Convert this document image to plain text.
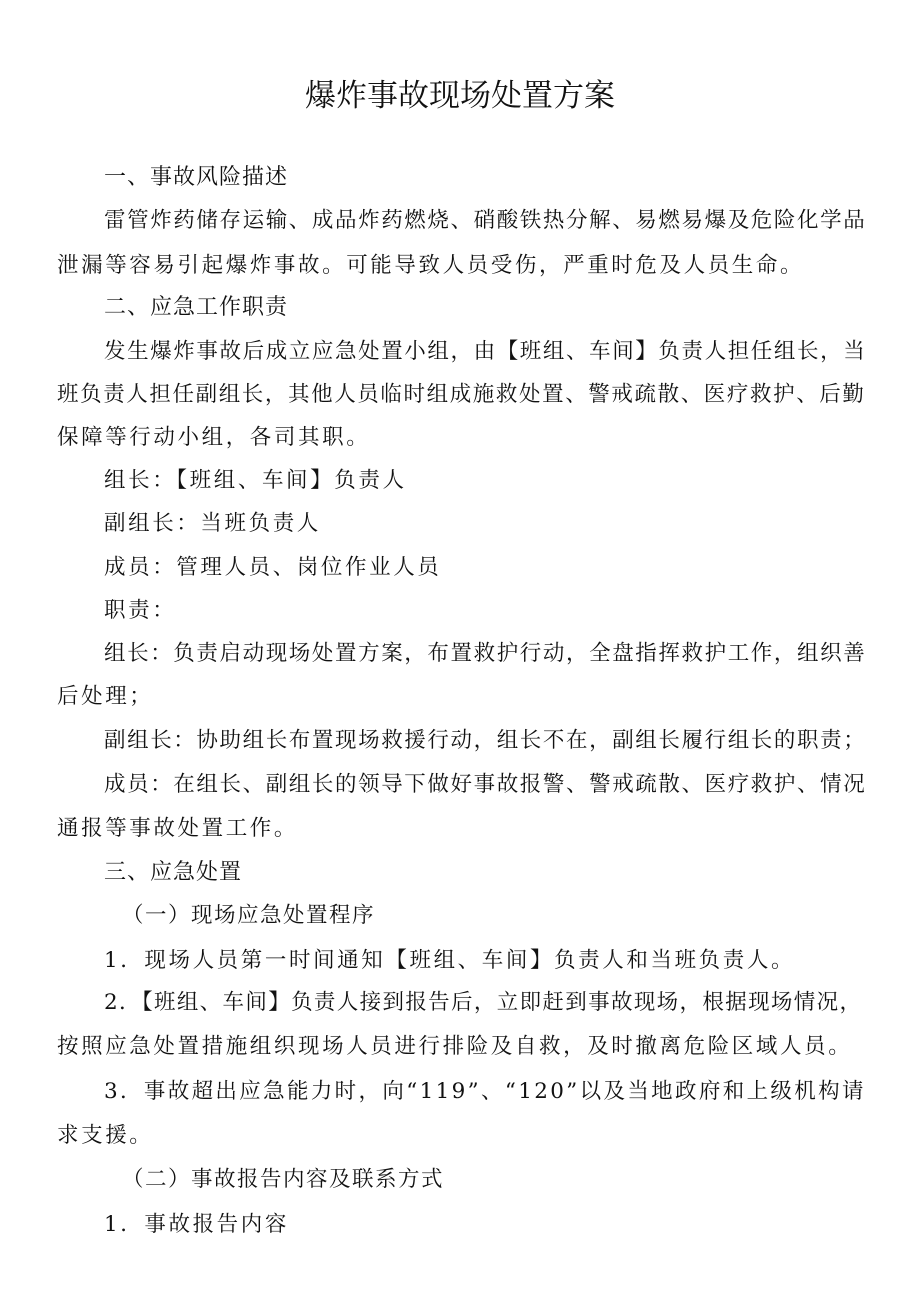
爆炸事故现场处置方案
一、事故风险描述
雷管炸药储存运输、成品炸药燃烧、硝酸铁热分解、易燃易爆及危险化学品
泄漏等容易引起爆炸事故。可能导致人员受伤，严重时危及人员生命。
二、应急工作职责
发生爆炸事故后成立应急处置小组，由【班组、车间】负责人担任组长，当
班负责人担任副组长，其他人员临时组成施救处置、警戒疏散、医疗救护、后勤
保障等行动小组，各司其职。
组长：【班组、车间】负责人
副组长：当班负责人
成员：管理人员、岗位作业人员
职责：
组长：负责启动现场处置方案，布置救护行动，全盘指挥救护工作，组织善
后处理；
副组长：协助组长布置现场救援行动，组长不在，副组长履行组长的职责；
成员：在组长、副组长的领导下做好事故报警、警戒疏散、医疗救护、情况
通报等事故处置工作。
三、应急处置
（一）现场应急处置程序
1．现场人员第一时间通知【班组、车间】负责人和当班负责人。
2．【班组、车间】负责人接到报告后，立即赶到事故现场，根据现场情况，
按照应急处置措施组织现场人员进行排险及自救，及时撤离危险区域人员。
3．事故超出应急能力时，向“119”、“120”以及当地政府和上级机构请
求支援。
（二）事故报告内容及联系方式
1．事故报告内容
